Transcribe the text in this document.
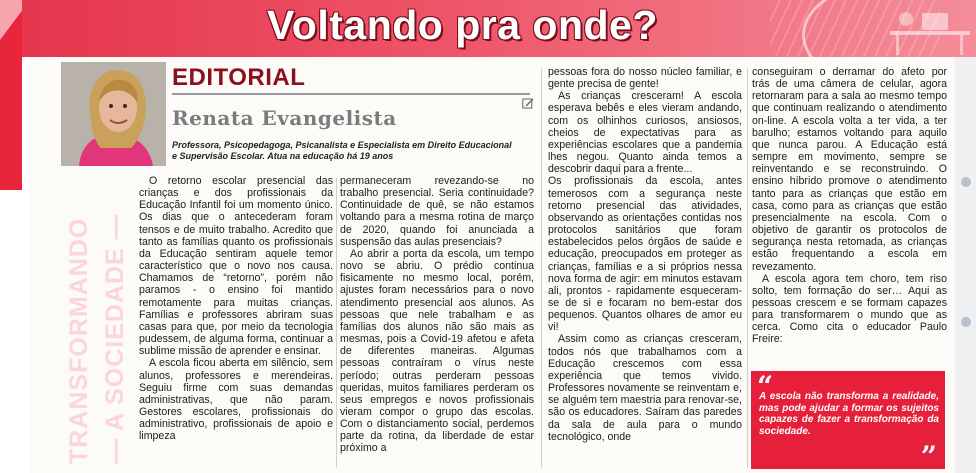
Voltando pra onde?
EDITORIAL
Renata Evangelista
Professora, Psicopedagoga, Psicanalista e Especialista em Direito Educacional e Supervisão Escolar. Atua na educação há 19 anos
TRANSFORMANDO — A SOCIEDADE —

O retorno escolar presencial das crianças e dos profissionais da Educação Infantil foi um momento único. Os dias que o antecederam foram tensos e de muito trabalho. Acredito que tanto as famílias quanto os profissionais da Educação sentiram aquele temor característico que o novo nos causa. Chamamos de “retorno”, porém não paramos - o ensino foi mantido remotamente para muitas crianças. Famílias e professores abriram suas casas para que, por meio da tecnologia pudessem, de alguma forma, continuar a sublime missão de aprender e ensinar.

A escola ficou aberta em silêncio, sem alunos, professores e merendeiras. Seguiu firme com suas demandas administrativas, que não param. Gestores escolares, profissionais do administrativo, profissionais de apoio e limpeza

permaneceram revezando-se no trabalho presencial. Seria continuidade? Continuidade de quê, se não estamos voltando para a mesma rotina de março de 2020, quando foi anunciada a suspensão das aulas presenciais?

Ao abrir a porta da escola, um tempo novo se abriu. O prédio continua fisicamente no mesmo local, porém, ajustes foram necessários para o novo atendimento presencial aos alunos. As pessoas que nele trabalham e as famílias dos alunos não são mais as mesmas, pois a Covid-19 afetou e afeta de diferentes maneiras. Algumas pessoas contraíram o vírus neste período; outras perderam pessoas queridas, muitos familiares perderam os seus empregos e novos profissionais vieram compor o grupo das escolas. Com o distanciamento social, perdemos parte da rotina, da liberdade de estar próximo a

pessoas fora do nosso núcleo familiar, e gente precisa de gente!

As crianças cresceram! A escola esperava bebês e eles vieram andando, com os olhinhos curiosos, ansiosos, cheios de expectativas para as experiências escolares que a pandemia lhes negou. Quanto ainda temos a descobrir daqui para a frente...

Os profissionais da escola, antes temerosos com a segurança neste retorno presencial das atividades, observando as orientações contidas nos protocolos sanitários que foram estabelecidos pelos órgãos de saúde e educação, preocupados em proteger as crianças, famílias e a si próprios nessa nova forma de agir: em minutos estavam ali, prontos - rapidamente esqueceram-se de si e focaram no bem-estar dos pequenos. Quantos olhares de amor eu vi!

Assim como as crianças cresceram, todos nós que trabalhamos com a Educação crescemos com essa experiência que temos vivido. Professores novamente se reinventam e, se alguém tem maestria para renovar-se, são os educadores. Saíram das paredes da sala de aula para o mundo tecnológico, onde

conseguiram o derramar do afeto por trás de uma câmera de celular, agora retornaram para a sala ao mesmo tempo que continuam realizando o atendimento on-line. A escola volta a ter vida, a ter barulho; estamos voltando para aquilo que nunca parou. A Educação está sempre em movimento, sempre se reinventando e se reconstruindo. O ensino híbrido promove o atendimento tanto para as crianças que estão em casa, como para as crianças que estão presencialmente na escola. Com o objetivo de garantir os protocolos de segurança nesta retomada, as crianças estão frequentando a escola em revezamento.

A escola agora tem choro, tem riso solto, tem formação do ser… Aqui as pessoas crescem e se formam capazes para transformarem o mundo que as cerca. Como cita o educador Paulo Freire:

“
A escola não transforma a realidade, mas pode ajudar a formar os sujeitos capazes de fazer a transformação da sociedade.
”
